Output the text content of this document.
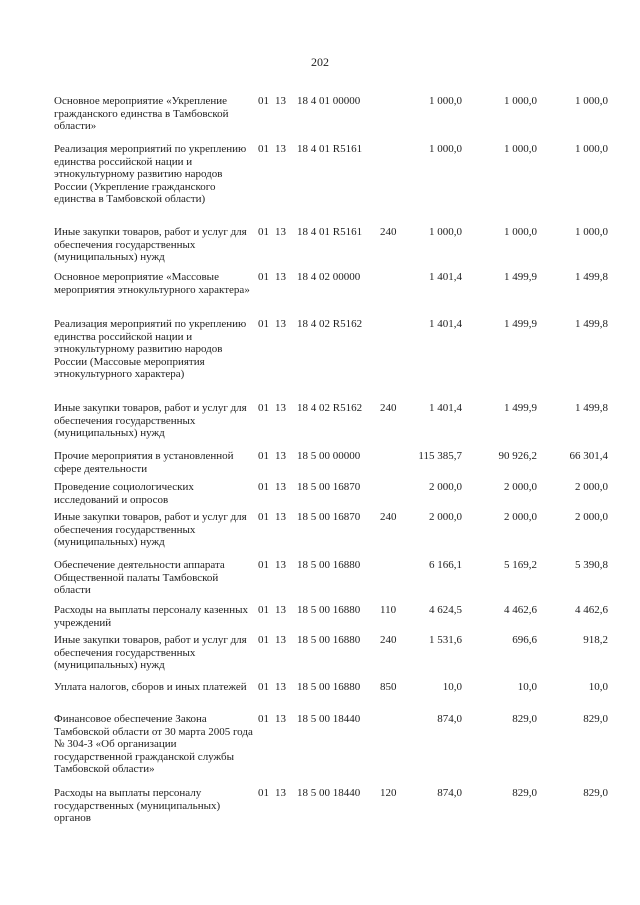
202
Основное мероприятие «Укрепление гражданского единства в Тамбовской области»
01 13 18 4 01 00000	1 000,0	1 000,0	1 000,0
Реализация мероприятий по укреплению единства российской нации и этнокультурному развитию народов России (Укрепление гражданского единства в Тамбовской области)
01 13 18 4 01 R5161	1 000,0	1 000,0	1 000,0
Иные закупки товаров, работ и услуг для обеспечения государственных (муниципальных) нужд
01 13 18 4 01 R5161 240	1 000,0	1 000,0	1 000,0
Основное мероприятие «Массовые мероприятия этнокультурного характера»
01 13 18 4 02 00000	1 401,4	1 499,9	1 499,8
Реализация мероприятий по укреплению единства российской нации и этнокультурному развитию народов России (Массовые мероприятия этнокультурного характера)
01 13 18 4 02 R5162	1 401,4	1 499,9	1 499,8
Иные закупки товаров, работ и услуг для обеспечения государственных (муниципальных) нужд
01 13 18 4 02 R5162 240	1 401,4	1 499,9	1 499,8
Прочие мероприятия в установленной сфере деятельности
01 13 18 5 00 00000	115 385,7	90 926,2	66 301,4
Проведение социологических исследований и опросов
01 13 18 5 00 16870	2 000,0	2 000,0	2 000,0
Иные закупки товаров, работ и услуг для обеспечения государственных (муниципальных) нужд
01 13 18 5 00 16870 240	2 000,0	2 000,0	2 000,0
Обеспечение деятельности аппарата Общественной палаты Тамбовской области
01 13 18 5 00 16880	6 166,1	5 169,2	5 390,8
Расходы на выплаты персоналу казенных учреждений
01 13 18 5 00 16880 110	4 624,5	4 462,6	4 462,6
Иные закупки товаров, работ и услуг для обеспечения государственных (муниципальных) нужд
01 13 18 5 00 16880 240	1 531,6	696,6	918,2
Уплата налогов, сборов и иных платежей	01 13 18 5 00 16880 850	10,0	10,0	10,0
Финансовое обеспечение Закона Тамбовской области от 30 марта 2005 года № 304-З «Об организации государственной гражданской службы Тамбовской области»
01 13 18 5 00 18440	874,0	829,0	829,0
Расходы на выплаты персоналу государственных (муниципальных) органов
01 13 18 5 00 18440 120	874,0	829,0	829,0
